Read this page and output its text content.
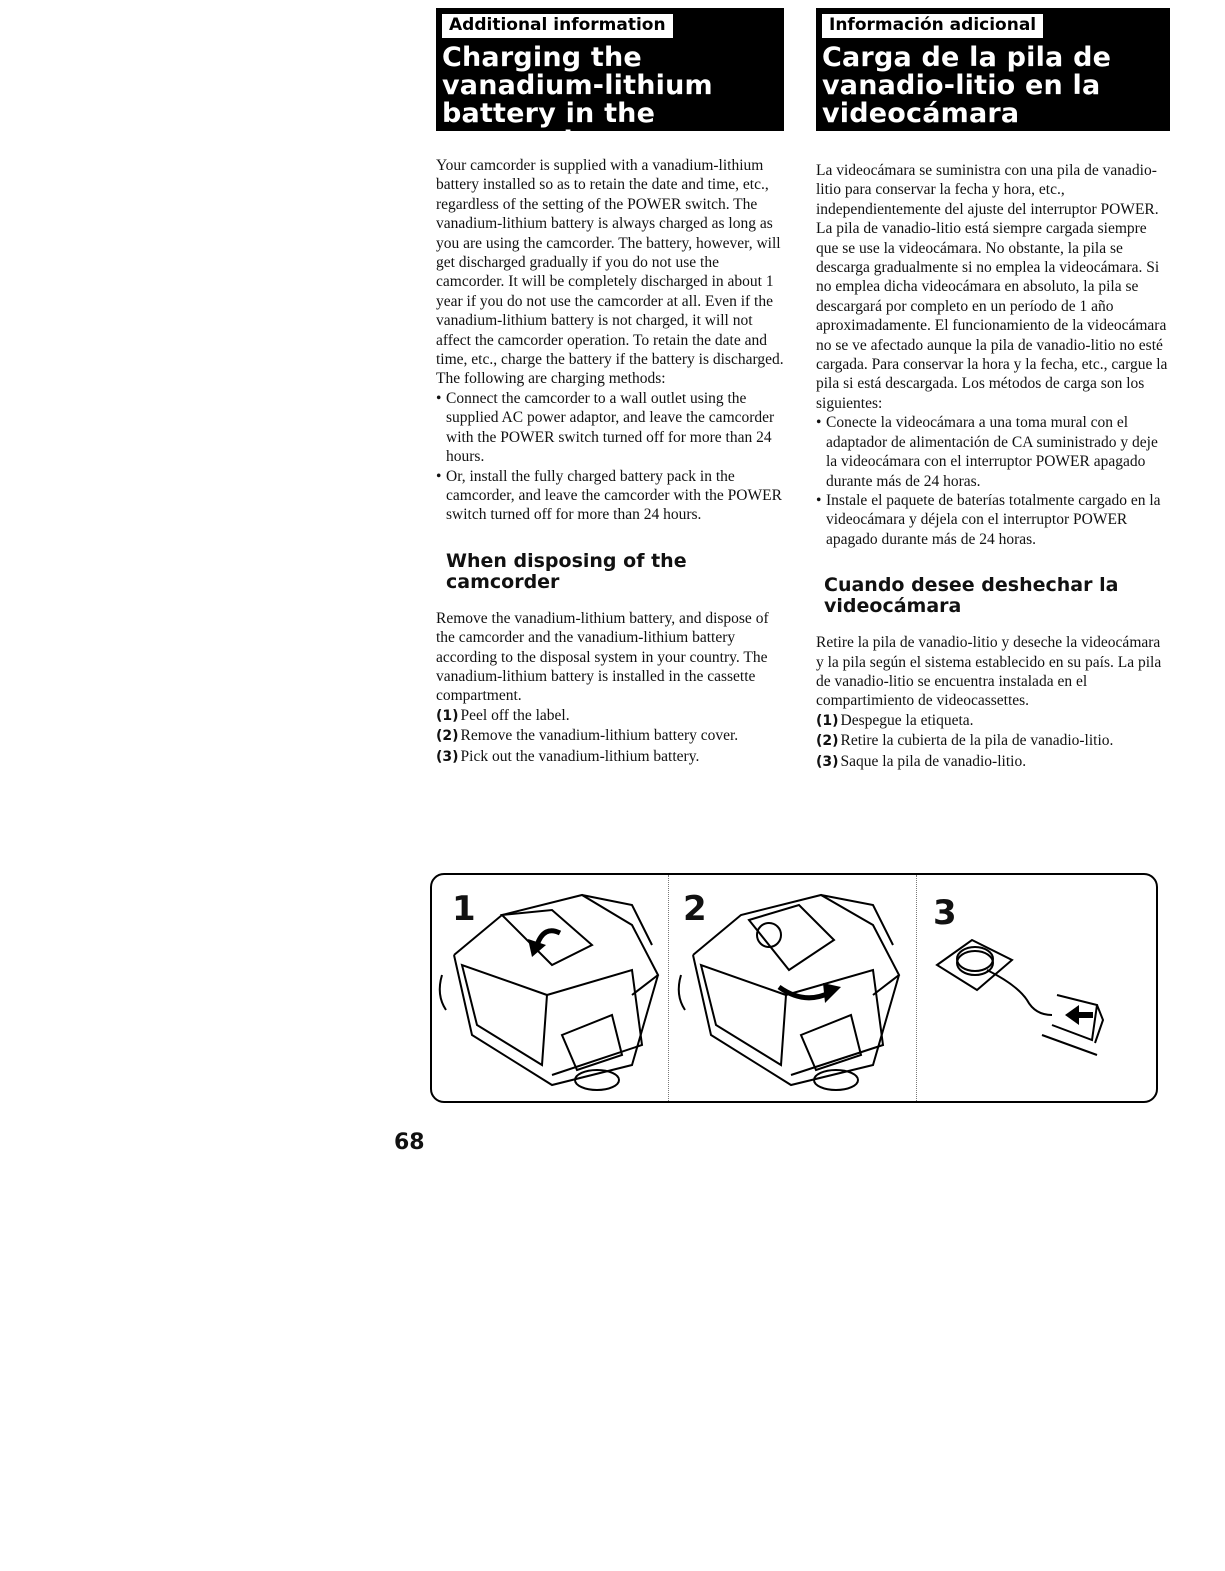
Additional information
Charging the vanadium-lithium battery in the camcorder

Your camcorder is supplied with a vanadium-lithium battery installed so as to retain the date and time, etc., regardless of the setting of the POWER switch. The vanadium-lithium battery is always charged as long as you are using the camcorder. The battery, however, will get discharged gradually if you do not use the camcorder. It will be completely discharged in about 1 year if you do not use the camcorder at all. Even if the vanadium-lithium battery is not charged, it will not affect the camcorder operation. To retain the date and time, etc., charge the battery if the battery is discharged. The following are charging methods:

• Connect the camcorder to a wall outlet using the supplied AC power adaptor, and leave the camcorder with the POWER switch turned off for more than 24 hours.
• Or, install the fully charged battery pack in the camcorder, and leave the camcorder with the POWER switch turned off for more than 24 hours.
When disposing of the camcorder

Remove the vanadium-lithium battery, and dispose of the camcorder and the vanadium-lithium battery according to the disposal system in your country. The vanadium-lithium battery is installed in the cassette compartment.

(1) Peel off the label.
(2) Remove the vanadium-lithium battery cover.
(3) Pick out the vanadium-lithium battery.
Información adicional
Carga de la pila de vanadio-litio en la videocámara

La videocámara se suministra con una pila de vanadio-litio para conservar la fecha y hora, etc., independientemente del ajuste del interruptor POWER. La pila de vanadio-litio está siempre cargada siempre que se use la videocámara. No obstante, la pila se descarga gradualmente si no emplea la videocámara. Si no emplea dicha videocámara en absoluto, la pila se descargará por completo en un período de 1 año aproximadamente. El funcionamiento de la videocámara no se ve afectado aunque la pila de vanadio-litio no esté cargada. Para conservar la hora y la fecha, etc., cargue la pila si está descargada. Los métodos de carga son los siguientes:

• Conecte la videocámara a una toma mural con el adaptador de alimentación de CA suministrado y deje la videocámara con el interruptor POWER apagado durante más de 24 horas.
• Instale el paquete de baterías totalmente cargado en la videocámara y déjela con el interruptor POWER apagado durante más de 24 horas.
Cuando desee deshechar la videocámara

Retire la pila de vanadio-litio y deseche la videocámara y la pila según el sistema establecido en su país. La pila de vanadio-litio se encuentra instalada en el compartimiento de videocassettes.

(1) Despegue la etiqueta.
(2) Retire la cubierta de la pila de vanadio-litio.
(3) Saque la pila de vanadio-litio.
1	2	3
68
